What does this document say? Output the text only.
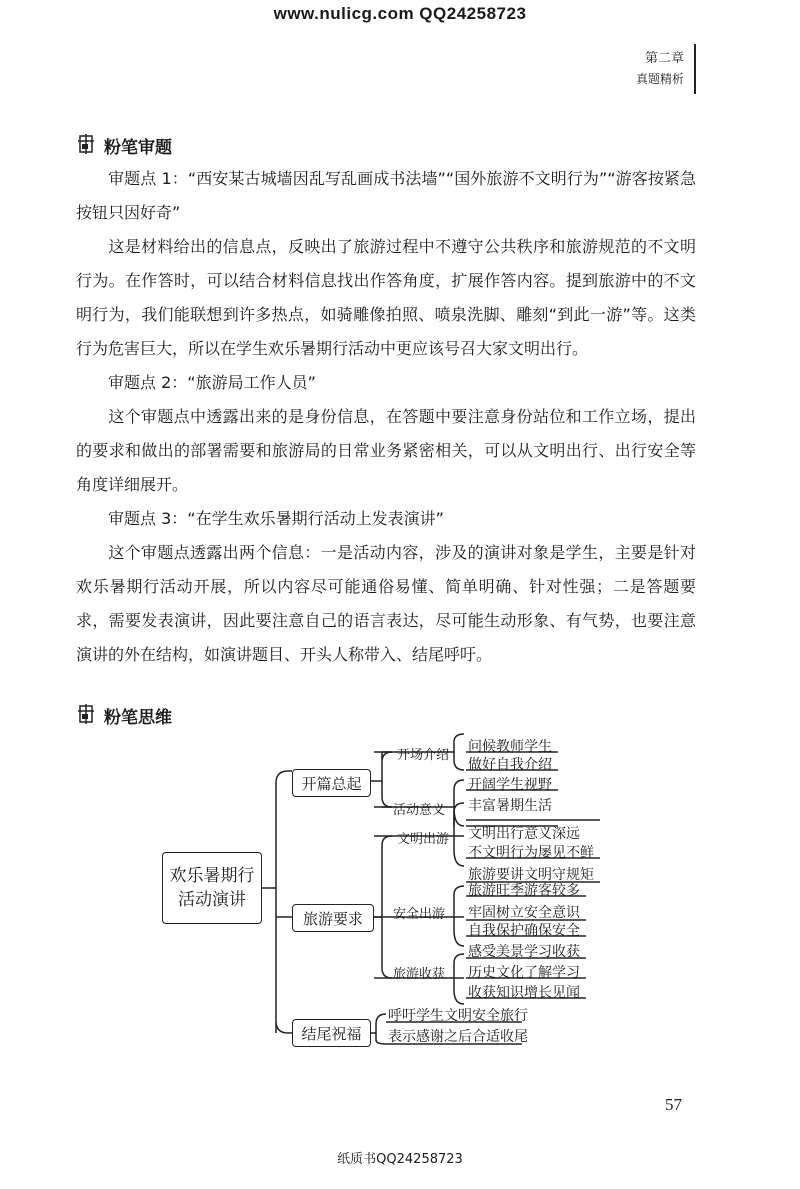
www.nulicg.com QQ24258723
第二章
真题精析
粉笔审题
审题点 1：“西安某古城墙因乱写乱画成书法墙”“国外旅游不文明行为”“游客按紧急按钮只因好奇”
这是材料给出的信息点，反映出了旅游过程中不遵守公共秩序和旅游规范的不文明行为。在作答时，可以结合材料信息找出作答角度，扩展作答内容。提到旅游中的不文明行为，我们能联想到许多热点，如骑雕像拍照、喷泉洗脚、雕刻“到此一游”等。这类行为危害巨大，所以在学生欢乐暑期行活动中更应该号召大家文明出行。
审题点 2：“旅游局工作人员”
这个审题点中透露出来的是身份信息，在答题中要注意身份站位和工作立场，提出的要求和做出的部署需要和旅游局的日常业务紧密相关，可以从文明出行、出行安全等角度详细展开。
审题点 3：“在学生欢乐暑期行活动上发表演讲”
这个审题点透露出两个信息：一是活动内容，涉及的演讲对象是学生，主要是针对欢乐暑期行活动开展，所以内容尽可能通俗易懂、简单明确、针对性强；二是答题要求，需要发表演讲，因此要注意自己的语言表达，尽可能生动形象、有气势，也要注意演讲的外在结构，如演讲题目、开头人称带入、结尾呼吁。
粉笔思维
欢乐暑期行活动演讲
开篇总起
旅游要求
结尾祝福
开场介绍
活动意义
文明出游
安全出游
旅游收获
问候教师学生
做好自我介绍
开阔学生视野
丰富暑期生活
文明出行意义深远
不文明行为屡见不鲜
旅游要讲文明守规矩
旅游旺季游客较多
牢固树立安全意识
自我保护确保安全
感受美景学习收获
历史文化了解学习
收获知识增长见闻
呼吁学生文明安全旅行
表示感谢之后合适收尾
57
纸质书QQ24258723
